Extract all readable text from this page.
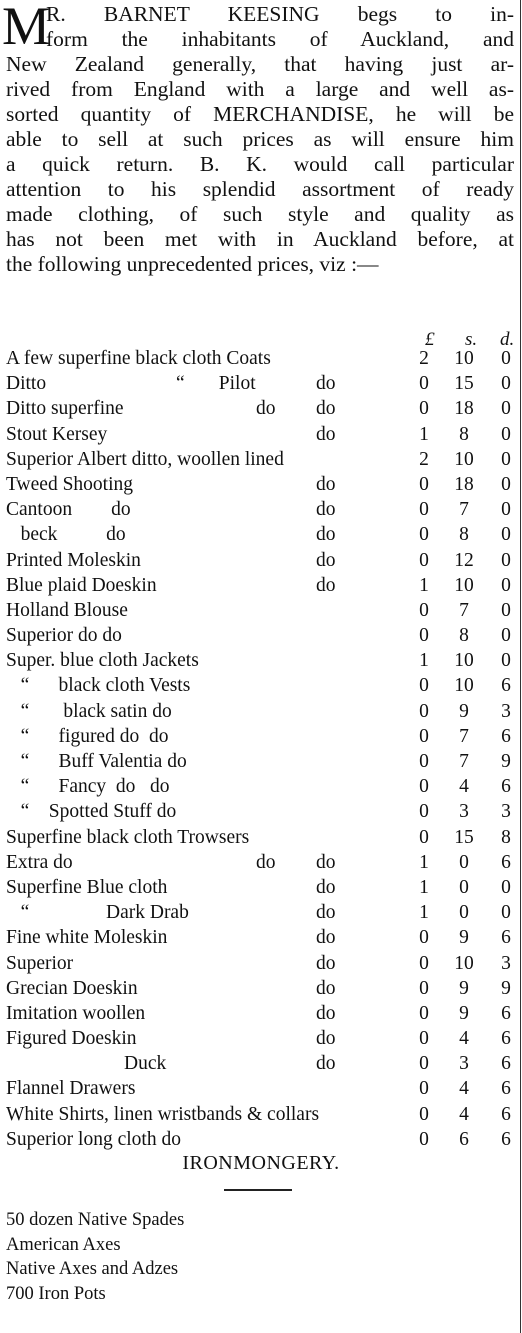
M
R. BARNET KEESING begs to in-
form the inhabitants of Auckland, and
New Zealand generally, that having just ar-
rived from England with a large and well as-
sorted quantity of MERCHANDISE, he will be
able to sell at such prices as will ensure him
a quick return. B. K. would call particular
attention to his splendid assortment of ready
made clothing, of such style and quality as
has not been met with in Auckland before, at
the following unprecedented prices, viz :—
£ s. d.
A few superfine black cloth Coats	2 10 0
Ditto	“       Pilot	do	0 15 0
Ditto superfine	do do	0 18 0
Stout Kersey	do	1 8 0
Superior Albert ditto, woollen lined	2 10 0
Tweed Shooting	do	0 18 0
Cantoon        do	do	0 7 0
beck          do	do	0 8 0
Printed Moleskin	do	0 12 0
Blue plaid Doeskin	do	1 10 0
Holland Blouse	0 7 0
Superior do do	0 8 0
Super. blue cloth Jackets	1 10 0
“      black cloth Vests	0 10 6
“       black satin do	0 9 3
“      figured do  do	0 7 6
“      Buff Valentia do	0 7 9
“      Fancy  do   do	0 4 6
“    Spotted Stuff do	0 3 3
Superfine black cloth Trowsers	0 15 8
Extra do	do do	1 0 6
Superfine Blue cloth	do	1 0 0
“	Dark Drab	do	1 0 0
Fine white Moleskin	do	0 9 6
Superior	do	0 10 3
Grecian Doeskin	do	0 9 9
Imitation woollen	do	0 9 6
Figured Doeskin	do	0 4 6
Duck	do	0 3 6
Flannel Drawers	0 4 6
White Shirts, linen wristbands & collars	0 4 6
Superior long cloth do	0 6 6
IRONMONGERY.
50 dozen Native Spades
American Axes
Native Axes and Adzes
700 Iron Pots
